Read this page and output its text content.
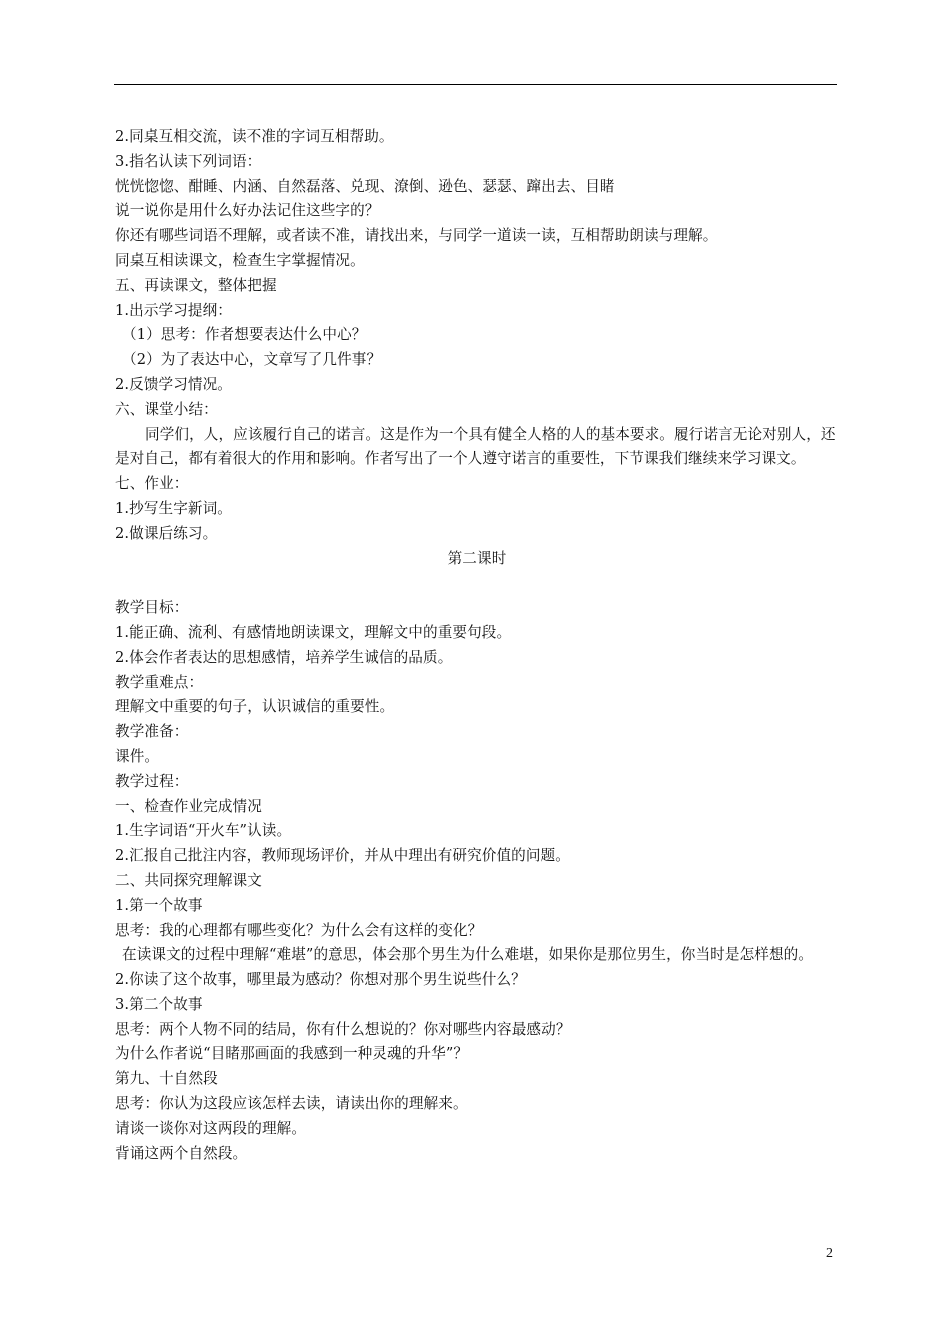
2.同桌互相交流，读不准的字词互相帮助。
3.指名认读下列词语：
恍恍惚惚、酣睡、内涵、自然磊落、兑现、潦倒、逊色、瑟瑟、蹿出去、目睹
说一说你是用什么好办法记住这些字的？
你还有哪些词语不理解，或者读不准，请找出来，与同学一道读一读，互相帮助朗读与理解。
同桌互相读课文，检查生字掌握情况。
五、再读课文，整体把握
1.出示学习提纲：
（1）思考：作者想要表达什么中心？
（2）为了表达中心，文章写了几件事？
2.反馈学习情况。
六、课堂小结：
同学们，人，应该履行自己的诺言。这是作为一个具有健全人格的人的基本要求。履行诺言无论对别人，还是对自己，都有着很大的作用和影响。作者写出了一个人遵守诺言的重要性，下节课我们继续来学习课文。
七、作业：
1.抄写生字新词。
2.做课后练习。
第二课时
教学目标：
1.能正确、流利、有感情地朗读课文，理解文中的重要句段。
2.体会作者表达的思想感情，培养学生诚信的品质。
教学重难点：
理解文中重要的句子，认识诚信的重要性。
教学准备：
课件。
教学过程：
一、检查作业完成情况
1.生字词语“开火车”认读。
2.汇报自己批注内容，教师现场评价，并从中理出有研究价值的问题。
二、共同探究理解课文
1.第一个故事
思考：我的心理都有哪些变化？为什么会有这样的变化？
在读课文的过程中理解“难堪”的意思，体会那个男生为什么难堪，如果你是那位男生，你当时是怎样想的。
2.你读了这个故事，哪里最为感动？你想对那个男生说些什么？
3.第二个故事
思考：两个人物不同的结局，你有什么想说的？你对哪些内容最感动？
为什么作者说“目睹那画面的我感到一种灵魂的升华”？
第九、十自然段
思考：你认为这段应该怎样去读，请读出你的理解来。
请谈一谈你对这两段的理解。
背诵这两个自然段。
2
